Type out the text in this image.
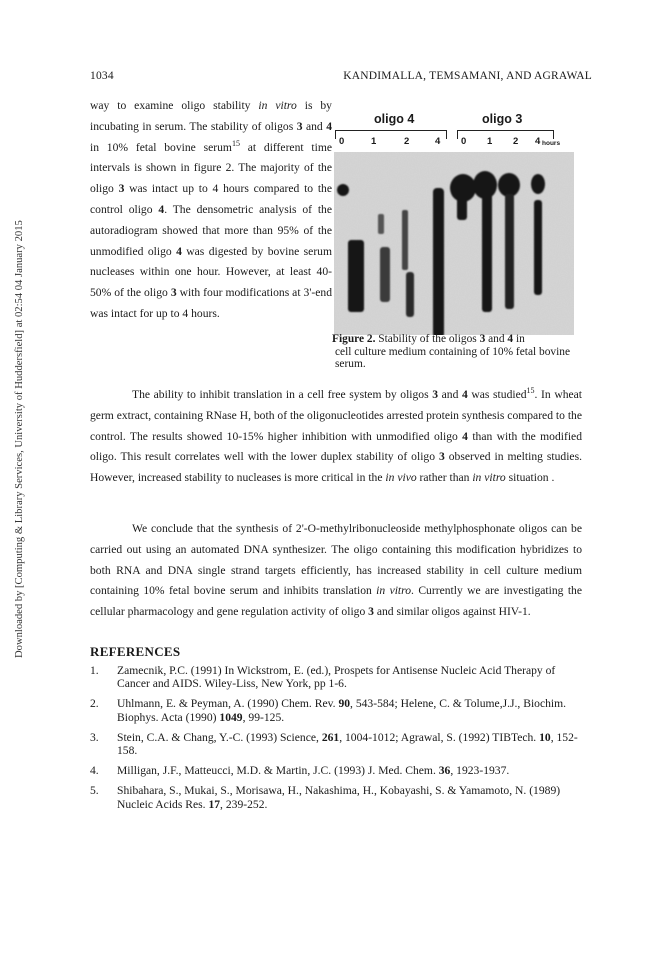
Downloaded by [Computing & Library Services, University of Huddersfield] at 02:54 04 January 2015
1034	KANDIMALLA, TEMSAMANI, AND AGRAWAL
way to examine oligo stability in vitro is by incubating in serum. The stability of oligos 3 and 4 in 10% fetal bovine serum$^{15}$ at different time intervals is shown in figure 2. The majority of the oligo 3 was intact up to 4 hours compared to the control oligo 4. The densometric analysis of the autoradiogram showed that more than 95% of the unmodified oligo 4 was digested by bovine serum nucleases within one hour. However, at least 40-50% of the oligo 3 with four modifications at 3'-end was intact for up to 4 hours.
oligo 4	oligo 3
0	1	2	4 0 1 2 4 hours
Figure 2. Stability of the oligos 3 and 4 in
cell culture medium containing of 10% fetal bovine serum.

The ability to inhibit translation in a cell free system by oligos 3 and 4 was studied$^{15}$. In wheat germ extract, containing RNase H, both of the oligonucleotides arrested protein synthesis compared to the control. The results showed 10-15% higher inhibition with unmodified oligo 4 than with the modified oligo. This result correlates well with the lower duplex stability of oligo 3 observed in melting studies. However, increased stability to nucleases is more critical in the in vivo rather than in vitro situation .

We conclude that the synthesis of 2'-O-methylribonucleoside methylphosphonate oligos can be carried out using an automated DNA synthesizer. The oligo containing this modification hybridizes to both RNA and DNA single strand targets efficiently, has increased stability in cell culture medium containing 10% fetal bovine serum and inhibits translation in vitro. Currently we are investigating the cellular pharmacology and gene regulation activity of oligo 3 and similar oligos against HIV-1.

REFERENCES
1. Zamecnik, P.C. (1991) In Wickstrom, E. (ed.), Prospets for Antisense Nucleic Acid Therapy of Cancer and AIDS. Wiley-Liss, New York, pp 1-6.
2. Uhlmann, E. & Peyman, A. (1990) Chem. Rev. 90, 543-584; Helene, C. & Tolume,J.J., Biochim. Biophys. Acta (1990) 1049, 99-125.
3. Stein, C.A. & Chang, Y.-C. (1993) Science, 261, 1004-1012; Agrawal, S. (1992) TIBTech. 10, 152-158.
4. Milligan, J.F., Matteucci, M.D. & Martin, J.C. (1993) J. Med. Chem. 36, 1923-1937.
5. Shibahara, S., Mukai, S., Morisawa, H., Nakashima, H., Kobayashi, S. & Yamamoto, N. (1989) Nucleic Acids Res. 17, 239-252.
